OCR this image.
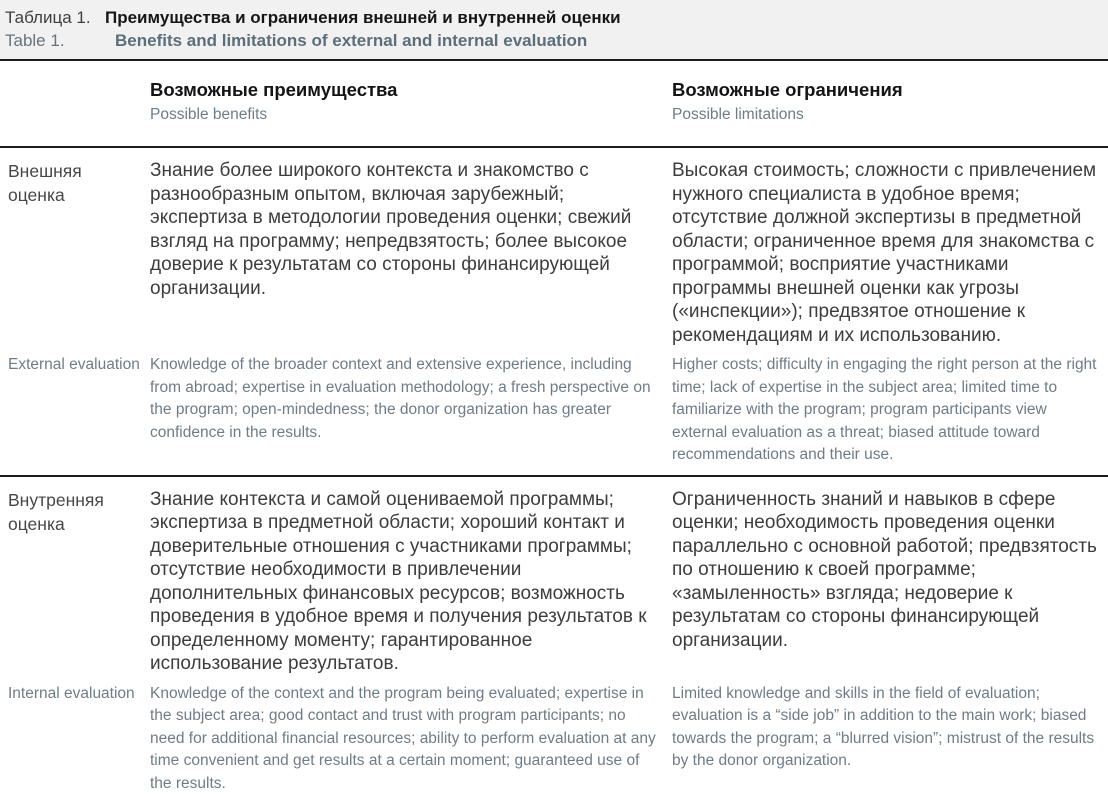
Таблица 1. Преимущества и ограничения внешней и внутренней оценки
Table 1.	Benefits and limitations of external and internal evaluation
Возможные преимущества
Possible benefits
Возможные ограничения
Possible limitations
Внешняя оценка
Знание более широкого контекста и знакомство с разнообразным опытом, включая зарубежный; экспертиза в методологии проведения оценки; свежий взгляд на программу; непредвзятость; более высокое доверие к результатам со стороны финансирующей организации.
Высокая стоимость; сложности с привлечением нужного специалиста в удобное время; отсутствие должной экспертизы в предметной области; ограниченное время для знакомства с программой; восприятие участниками программы внешней оценки как угрозы («инспекции»); предвзятое отношение к рекомендациям и их использованию.
External evaluation Knowledge of the broader context and extensive experience, including from abroad; expertise in evaluation methodology; a fresh perspective on the program; open-mindedness; the donor organization has greater confidence in the results.
Higher costs; difficulty in engaging the right person at the right time; lack of expertise in the subject area; limited time to familiarize with the program; program participants view external evaluation as a threat; biased attitude toward recommendations and their use.
Внутренняя оценка
Знание контекста и самой оцениваемой программы; экспертиза в предметной области; хороший контакт и доверительные отношения с участниками программы; отсутствие необходимости в привлечении дополнительных финансовых ресурсов; возможность проведения в удобное время и получения результатов к определенному моменту; гарантированное использование результатов.
Ограниченность знаний и навыков в сфере оценки; необходимость проведения оценки параллельно с основной работой; предвзятость по отношению к своей программе; «замыленность» взгляда; недоверие к результатам со стороны финансирующей организации.
Internal evaluation Knowledge of the context and the program being evaluated; expertise in the subject area; good contact and trust with program participants; no need for additional financial resources; ability to perform evaluation at any time convenient and get results at a certain moment; guaranteed use of the results.
Limited knowledge and skills in the field of evaluation; evaluation is a “side job” in addition to the main work; biased towards the program; a “blurred vision”; mistrust of the results by the donor organization.
